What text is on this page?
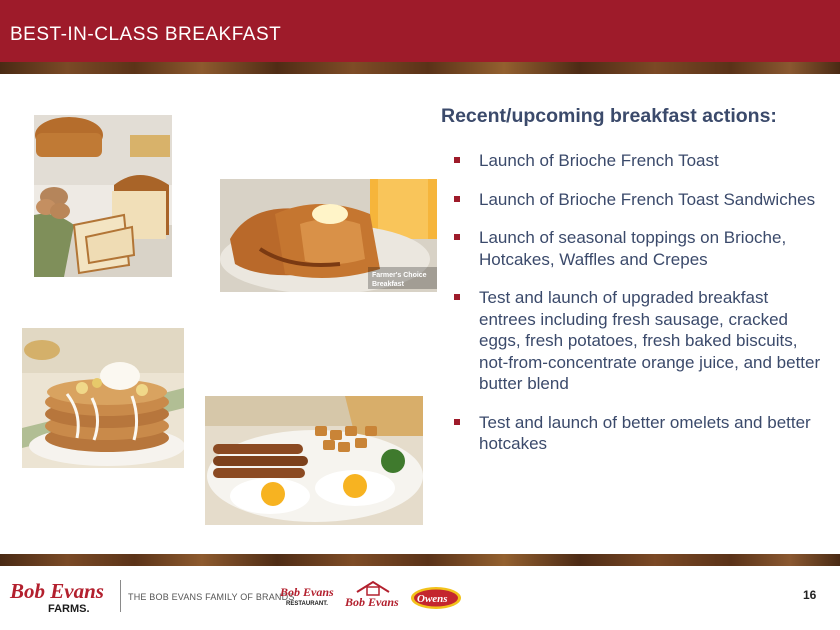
BEST-IN-CLASS BREAKFAST
Farmer's Choice
Breakfast
Recent/upcoming breakfast actions:
Launch of Brioche French Toast
Launch of Brioche French Toast Sandwiches
Launch of seasonal toppings on Brioche, Hotcakes, Waffles and Crepes
Test and launch of upgraded breakfast entrees including fresh sausage, cracked eggs, fresh potatoes, fresh baked biscuits, not-from-concentrate orange juice, and better butter blend
Test and launch of better omelets and better hotcakes
Bob Evans
FARMS.
THE BOB EVANS FAMILY OF BRANDS
Bob Evans
RESTAURANT. Bob Evans Owens	16
